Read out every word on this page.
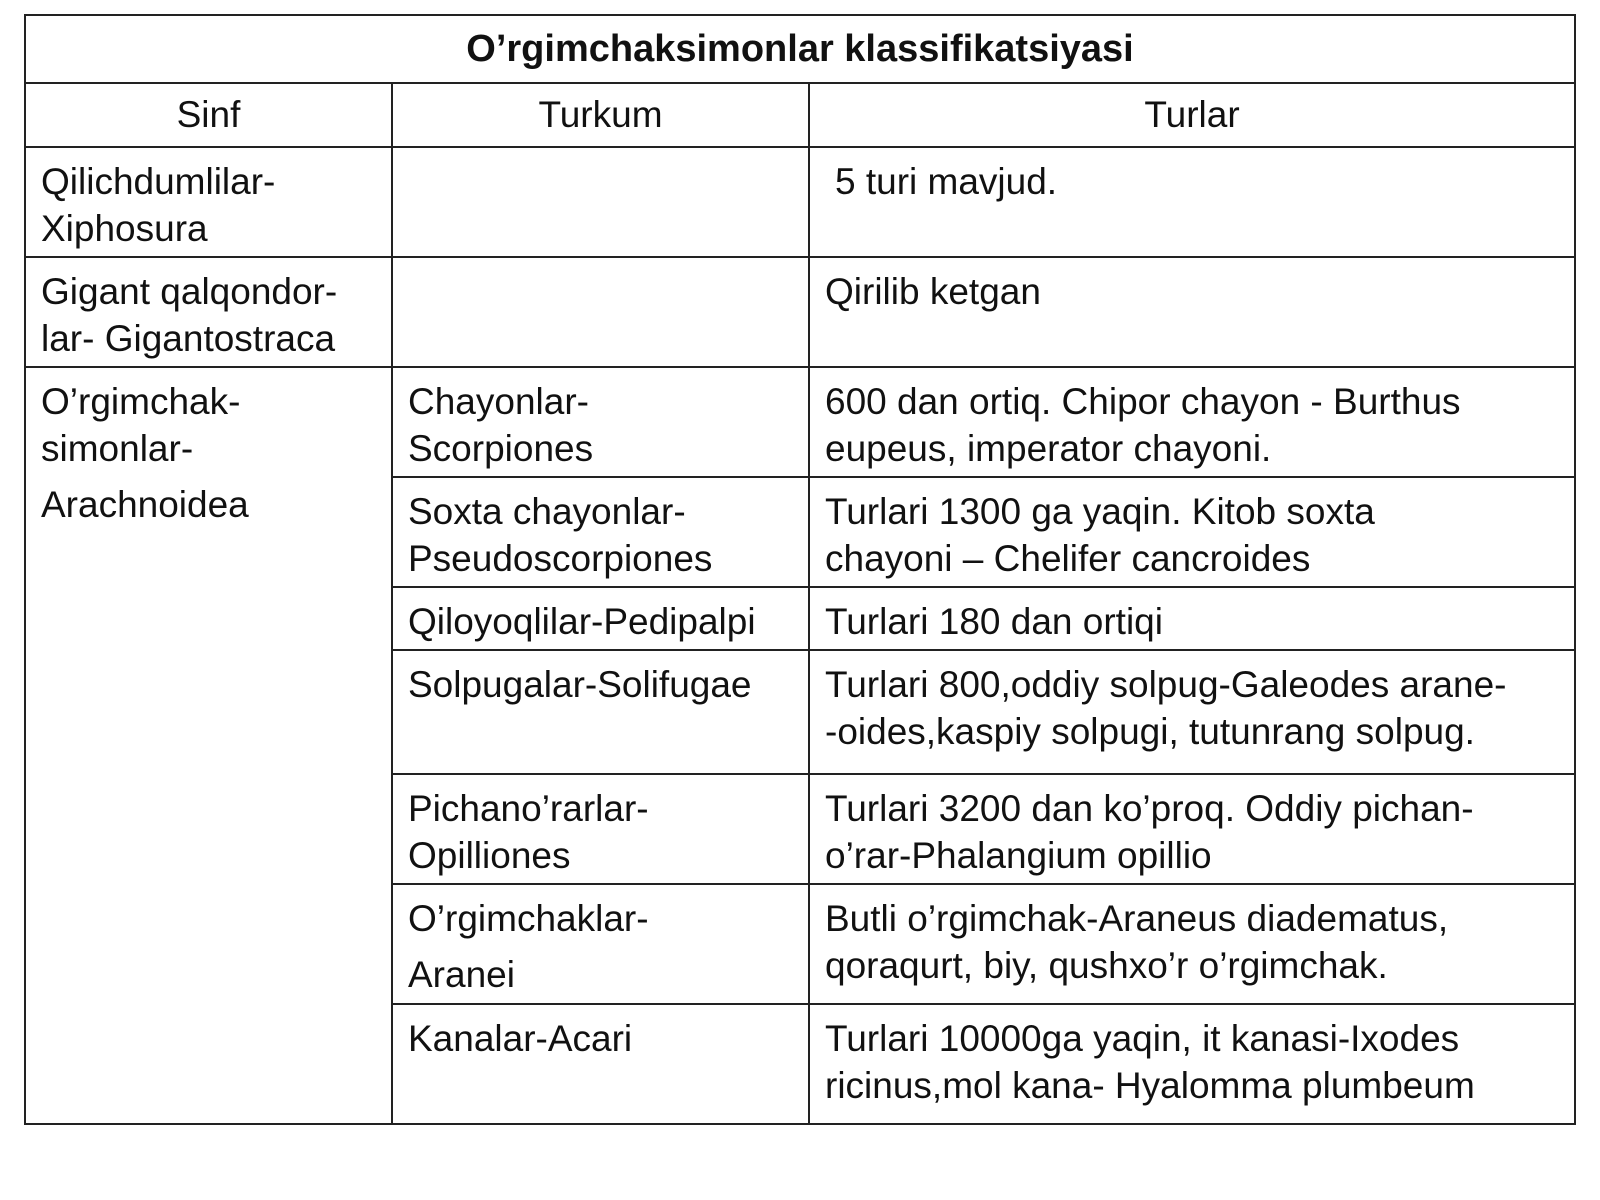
O’rgimchaksimonlar klassifikatsiyasi		
Sinf	Turkum	Turlar

Qilichdumlilar-
Xiphosura		5 turi mavjud.

Gigant qalqondor-
lar- Gigantostraca		Qirilib ketgan

O’rgimchak-
simonlar-
Arachnoidea	Chayonlar-
Scorpiones	600 dan ortiq. Chipor chayon - Burthus
eupeus, imperator chayoni.

	Soxta chayonlar-
Pseudoscorpiones	Turlari 1300 ga yaqin. Kitob soxta
chayoni – Chelifer cancroides

	Qiloyoqlilar-Pedipalpi	Turlari 180 dan ortiqi

	Solpugalar-Solifugae	Turlari 800,oddiy solpug-Galeodes arane-
-oides,kaspiy solpugi, tutunrang solpug.

	Pichano’rarlar-
Opilliones	Turlari 3200 dan ko’proq. Oddiy pichan-
o’rar-Phalangium opillio

	O’rgimchaklar-
Aranei	Butli o’rgimchak-Araneus diadematus,
qoraqurt, biy, qushxo’r o’rgimchak.

	Kanalar-Acari	Turlari 10000ga yaqin, it kanasi-Ixodes
ricinus,mol kana- Hyalomma plumbeum
